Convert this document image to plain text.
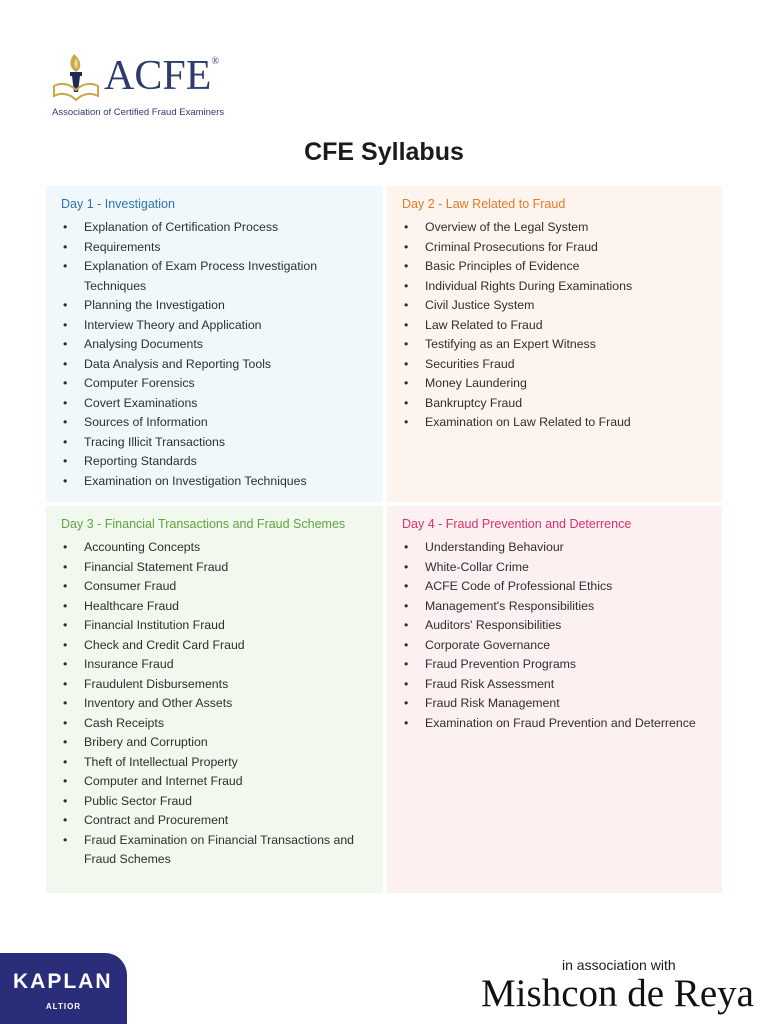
ACFE®
Association of Certified Fraud Examiners
CFE Syllabus
Day 1 - Investigation
• Explanation of Certification Process
• Requirements
• Explanation of Exam Process Investigation Techniques
• Planning the Investigation
• Interview Theory and Application
• Analysing Documents
• Data Analysis and Reporting Tools
• Computer Forensics
• Covert Examinations
• Sources of Information
• Tracing Illicit Transactions
• Reporting Standards
• Examination on Investigation Techniques
Day 2 - Law Related to Fraud
• Overview of the Legal System
• Criminal Prosecutions for Fraud
• Basic Principles of Evidence
• Individual Rights During Examinations
• Civil Justice System
• Law Related to Fraud
• Testifying as an Expert Witness
• Securities Fraud
• Money Laundering
• Bankruptcy Fraud
• Examination on Law Related to Fraud
Day 3 - Financial Transactions and Fraud Schemes
• Accounting Concepts
• Financial Statement Fraud
• Consumer Fraud
• Healthcare Fraud
• Financial Institution Fraud
• Check and Credit Card Fraud
• Insurance Fraud
• Fraudulent Disbursements
• Inventory and Other Assets
• Cash Receipts
• Bribery and Corruption
• Theft of Intellectual Property
• Computer and Internet Fraud
• Public Sector Fraud
• Contract and Procurement
• Fraud Examination on Financial Transactions and Fraud Schemes
Day 4 - Fraud Prevention and Deterrence
• Understanding Behaviour
• White-Collar Crime
• ACFE Code of Professional Ethics
• Management's Responsibilities
• Auditors' Responsibilities
• Corporate Governance
• Fraud Prevention Programs
• Fraud Risk Assessment
• Fraud Risk Management
• Examination on Fraud Prevention and Deterrence
KAPLAN
ALTIOR
in association with
Mishcon de Reya
